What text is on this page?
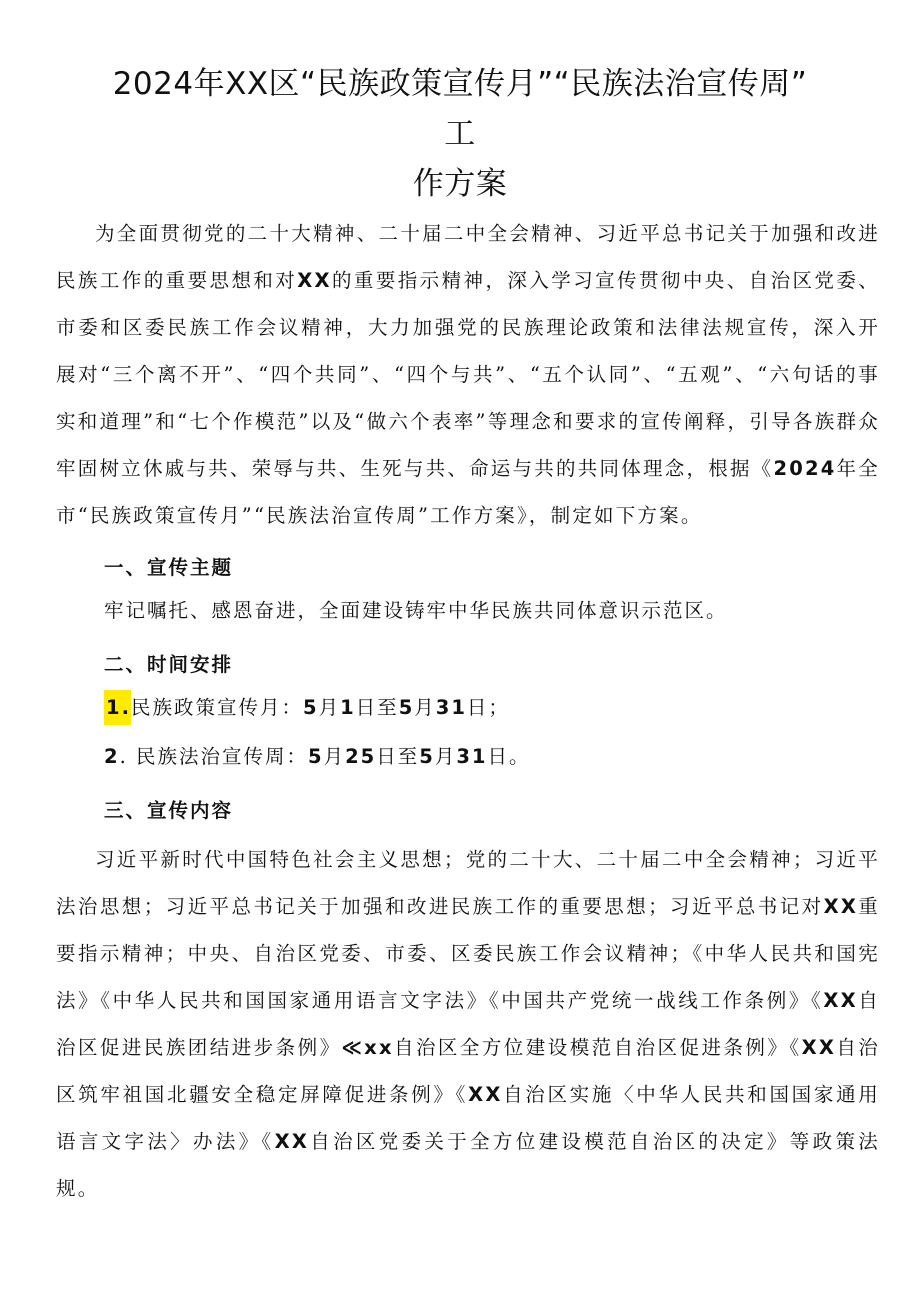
2024年XX区“民族政策宣传月”“民族法治宣传周”
工
作方案

为全面贯彻党的二十大精神、二十届二中全会精神、习近平总书记关于加强和改进民族工作的重要思想和对XX的重要指示精神，深入学习宣传贯彻中央、自治区党委、市委和区委民族工作会议精神，大力加强党的民族理论政策和法律法规宣传，深入开展对“三个离不开”、“四个共同”、“四个与共”、“五个认同”、“五观”、“六句话的事实和道理”和“七个作模范”以及“做六个表率”等理念和要求的宣传阐释，引导各族群众牢固树立休戚与共、荣辱与共、生死与共、命运与共的共同体理念，根据《2024年全市“民族政策宣传月”“民族法治宣传周”工作方案》，制定如下方案。

一、宣传主题

牢记嘱托、感恩奋进，全面建设铸牢中华民族共同体意识示范区。

二、时间安排

1.民族政策宣传月：5月1日至5月31日；

2. 民族法治宣传周：5月25日至5月31日。

三、宣传内容

习近平新时代中国特色社会主义思想；党的二十大、二十届二中全会精神；习近平法治思想；习近平总书记关于加强和改进民族工作的重要思想；习近平总书记对XX重要指示精神；中央、自治区党委、市委、区委民族工作会议精神；《中华人民共和国宪法》《中华人民共和国国家通用语言文字法》《中国共产党统一战线工作条例》《XX自治区促进民族团结进步条例》≪xx自治区全方位建设模范自治区促进条例》《XX自治区筑牢祖国北疆安全稳定屏障促进条例》《XX自治区实施〈中华人民共和国国家通用语言文字法〉办法》《XX自治区党委关于全方位建设模范自治区的决定》等政策法规。
